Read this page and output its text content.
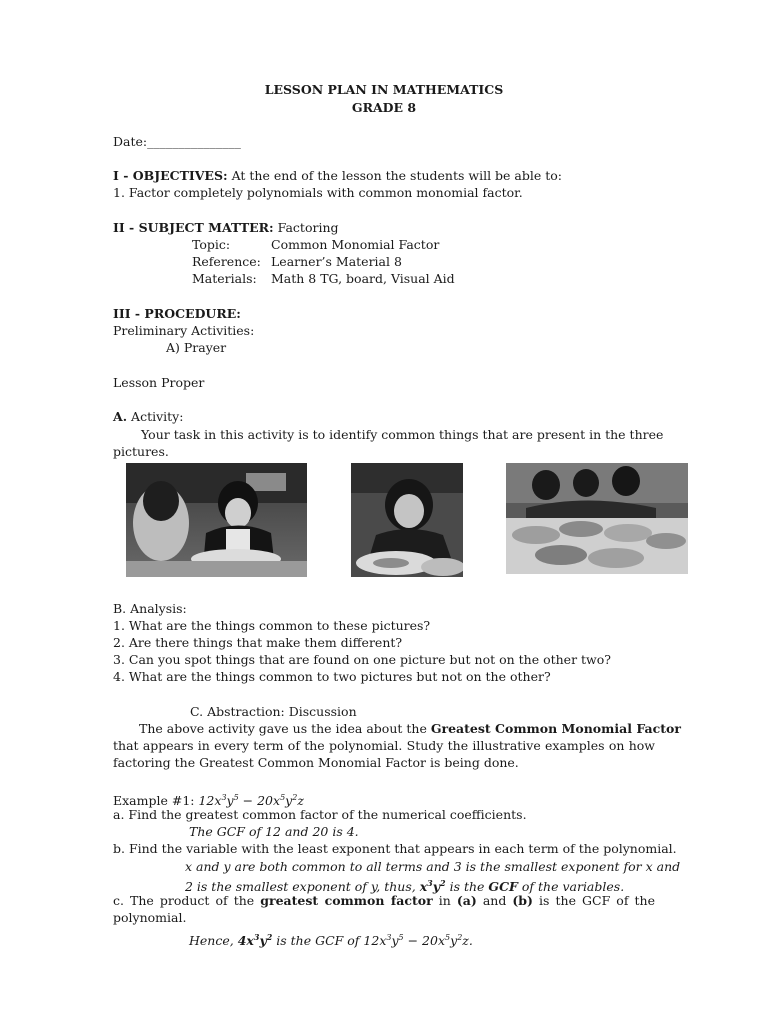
LESSON PLAN IN MATHEMATICS
GRADE 8
Date:_______________
I - OBJECTIVES: At the end of the lesson the students will be able to:
1. Factor completely polynomials with common monomial factor.
II - SUBJECT MATTER: Factoring
Topic:	Common Monomial Factor
Reference: Learner’s Material 8
Materials: Math 8 TG, board, Visual Aid
III - PROCEDURE:
Preliminary Activities:
A) Prayer
Lesson Proper
A. Activity:
Your task in this activity is to identify common things that are present in the three
pictures.
B. Analysis:
1. What are the things common to these pictures?
2. Are there things that make them different?
3. Can you spot things that are found on one picture but not on the other two?
4. What are the things common to two pictures but not on the other?
C. Abstraction: Discussion
The above activity gave us the idea about the Greatest Common Monomial Factor
that appears in every term of the polynomial. Study the illustrative examples on how
factoring the Greatest Common Monomial Factor is being done.
Example #1: $12x^3y^5 - 20x^5y^2z$
a. Find the greatest common factor of the numerical coefficients.
The GCF of 12 and 20 is 4.
b. Find the variable with the least exponent that appears in each term of the polynomial.
x and y are both common to all terms and 3 is the smallest exponent for x and
2 is the smallest exponent of y, thus, $x^3y^2$ is the GCF of the variables.
c. The product of the greatest common factor in (a) and (b) is the GCF of the
polynomial.
Hence, $4x^3y^2$ is the GCF of $12x^3y^5 - 20x^5y^2z$.
